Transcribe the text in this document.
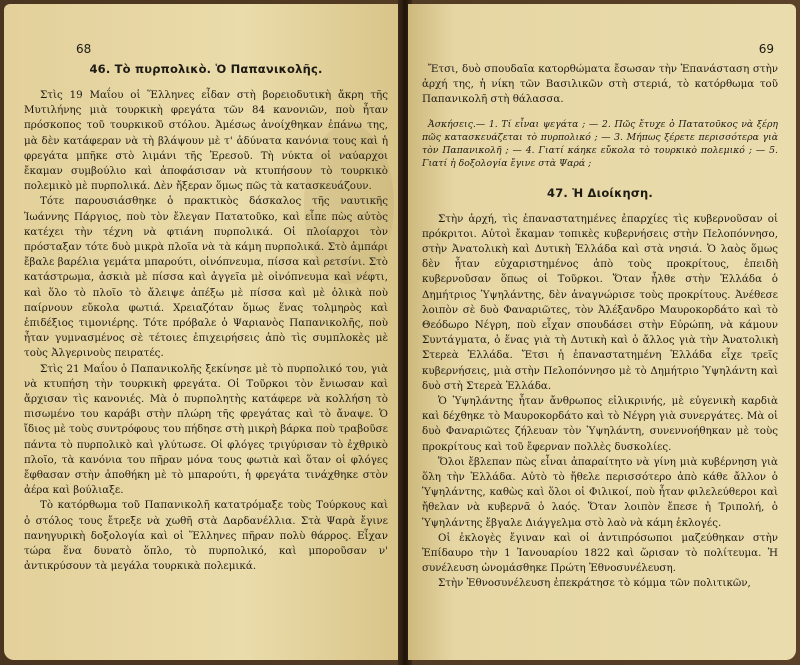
68
46. Τὸ πυρπολικὸ. Ὁ Παπανικολῆς.

Στὶς 19 Μαΐου οἱ Ἕλληνες εἶδαν στὴ βορειοδυτικὴ ἄκρη τῆς Μυτιλήνης μιὰ τουρκικὴ φρεγάτα τῶν 84 κανονιῶν, ποὺ ἦταν πρόσκοπος τοῦ τουρκικοῦ στόλου. Ἀμέσως ἀνοίχθηκαν ἐπάνω της, μὰ δὲν κατάφεραν νὰ τὴ βλάψουν μὲ τ' ἀδύνατα κανόνια τους καὶ ἡ φρεγάτα μπῆκε στὸ λιμάνι τῆς Ἐρεσοῦ. Τὴ νύκτα οἱ ναύαρχοι ἔκαμαν συμβούλιο καὶ ἀποφάσισαν νὰ κτυπήσουν τὸ τουρκικὸ πολεμικὸ μὲ πυρπολικά. Δὲν ἤξεραν ὅμως πῶς τὰ κατασκευάζουν.

Τότε παρουσιάσθηκε ὁ πρακτικὸς δάσκαλος τῆς ναυτικῆς Ἰωάννης Πάργιος, ποὺ τὸν ἔλεγαν Πατατοῦκο, καὶ εἶπε πὼς αὐτὸς κατέχει τὴν τέχνη νὰ φτιάνη πυρπολικά. Οἱ πλοίαρχοι τὸν πρόσταξαν τότε δυὸ μικρὰ πλοῖα νὰ τὰ κάμη πυρπολικά. Στὸ ἀμπάρι ἔβαλε βαρέλια γεμάτα μπαρούτι, οἰνόπνευμα, πίσσα καὶ ρετσίνι. Στὸ κατάστρωμα, ἀσκιὰ μὲ πίσσα καὶ ἀγγεῖα μὲ οἰνόπνευμα καὶ νέφτι, καὶ ὅλο τὸ πλοῖο τὸ ἄλειψε ἀπέξω μὲ πίσσα καὶ μὲ ὁλικὰ ποὺ παίρνουν εὔκολα φωτιά. Χρειαζόταν ὅμως ἕνας τολμηρὸς καὶ ἐπιδέξιος τιμονιέρης. Τότε πρόβαλε ὁ Ψαριανὸς Παπανικολῆς, ποὺ ἦταν γυμνασμένος σὲ τέτοιες ἐπιχειρήσεις ἀπὸ τὶς συμπλοκὲς μὲ τοὺς Ἀλγερινοὺς πειρατές.

Στὶς 21 Μαΐου ὁ Παπανικολῆς ξεκίνησε μὲ τὸ πυρπολικό του, γιὰ νὰ κτυπήση τὴν τουρκικὴ φρεγάτα. Οἱ Τοῦρκοι τὸν ἔνιωσαν καὶ ἄρχισαν τὶς κανονιές. Μὰ ὁ πυρπολητὴς κατάφερε νὰ κολλήση τὸ πισωμένο του καράβι στὴν πλώρη τῆς φρεγάτας καὶ τὸ ἄναψε. Ὁ ἴδιος μὲ τοὺς συντρόφους του πήδησε στὴ μικρὴ βάρκα ποὺ τραβοῦσε πάντα τὸ πυρπολικὸ καὶ γλύτωσε. Οἱ φλόγες τριγύρισαν τὸ ἐχθρικὸ πλοῖο, τὰ κανόνια του πῆραν μόνα τους φωτιὰ καὶ ὅταν οἱ φλόγες ἔφθασαν στὴν ἀποθήκη μὲ τὸ μπαρούτι, ἡ φρεγάτα τινάχθηκε στὸν ἀέρα καὶ βούλιαξε.

Τὸ κατόρθωμα τοῦ Παπανικολῆ κατατρόμαξε τοὺς Τούρκους καὶ ὁ στόλος τους ἔτρεξε νὰ χωθῆ στὰ Δαρδανέλλια. Στὰ Ψαρὰ ἔγινε πανηγυρικὴ δοξολογία καὶ οἱ Ἕλληνες πῆραν πολὺ θάρρος. Εἶχαν τώρα ἕνα δυνατὸ ὅπλο, τὸ πυρπολικό, καὶ μποροῦσαν ν' ἀντικρύσουν τὰ μεγάλα τουρκικὰ πολεμικά.

69

Ἔτσι, δυὸ σπουδαῖα κατορθώματα ἔσωσαν τὴν Ἐπανάσταση στὴν ἀρχή της, ἡ νίκη τῶν Βασιλικῶν στὴ στεριά, τὸ κατόρθωμα τοῦ Παπανικολῆ στὴ θάλασσα.

Ἀσκήσεις.— 1. Τί εἶναι ψεγάτα ; — 2. Πῶς ἔτυχε ὁ Πατατοῦκος νὰ ξέρη πῶς κατασκευάζεται τὸ πυρπολικό ; — 3. Μήπως ξέρετε περισσότερα γιὰ τὸν Παπανικολῆ ; — 4. Γιατί κάηκε εὔκολα τὸ τουρκικὸ πολεμικό ; — 5. Γιατί ἡ δοξολογία ἔγινε στὰ Ψαρά ;

47. Ἡ Διοίκηση.

Στὴν ἀρχή, τὶς ἐπαναστατημένες ἐπαρχίες τὶς κυβερνοῦσαν οἱ πρόκριτοι. Αὐτοὶ ἔκαμαν τοπικὲς κυβερνήσεις στὴν Πελοπόννησο, στὴν Ἀνατολικὴ καὶ Δυτικὴ Ἑλλάδα καὶ στὰ νησιά. Ὁ λαὸς ὅμως δὲν ἦταν εὐχαριστημένος ἀπὸ τοὺς προκρίτους, ἐπειδὴ κυβερνοῦσαν ὅπως οἱ Τοῦρκοι. Ὅταν ἦλθε στὴν Ἑλλάδα ὁ Δημήτριος Ὑψηλάντης, δὲν ἀναγνώρισε τοὺς προκρίτους. Ἀνέθεσε λοιπὸν σὲ δυὸ Φαναριῶτες, τὸν Ἀλέξανδρο Μαυροκορδάτο καὶ τὸ Θεόδωρο Νέγρη, ποὺ εἶχαν σπουδάσει στὴν Εὐρώπη, νὰ κάμουν Συντάγματα, ὁ ἕνας γιὰ τὴ Δυτικὴ καὶ ὁ ἄλλος γιὰ τὴν Ἀνατολικὴ Στερεὰ Ἑλλάδα. Ἔτσι ἡ ἐπαναστατημένη Ἑλλάδα εἶχε τρεῖς κυβερνήσεις, μιὰ στὴν Πελοπόννησο μὲ τὸ Δημήτριο Ὑψηλάντη καὶ δυὸ στὴ Στερεὰ Ἑλλάδα.

Ὁ Ὑψηλάντης ἦταν ἄνθρωπος εἰλικρινής, μὲ εὐγενικὴ καρδιὰ καὶ δέχθηκε τὸ Μαυροκορδάτο καὶ τὸ Νέγρη γιὰ συνεργάτες. Μὰ οἱ δυὸ Φαναριῶτες ζήλευαν τὸν Ὑψηλάντη, συνεννοήθηκαν μὲ τοὺς προκρίτους καὶ τοῦ ἔφερναν πολλὲς δυσκολίες.

Ὅλοι ἔβλεπαν πὼς εἶναι ἀπαραίτητο νὰ γίνη μιὰ κυβέρνηση γιὰ ὅλη τὴν Ἑλλάδα. Αὐτὸ τὸ ἤθελε περισσότερο ἀπὸ κάθε ἄλλον ὁ Ὑψηλάντης, καθὼς καὶ ὅλοι οἱ Φιλικοί, ποὺ ἦταν φιλελεύθεροι καὶ ἤθελαν νὰ κυβερνᾶ ὁ λαός. Ὅταν λοιπὸν ἔπεσε ἡ Τριπολή, ὁ Ὑψηλάντης ἔβγαλε Διάγγελμα στὸ λαὸ νὰ κάμη ἐκλογές.

Οἱ ἐκλογὲς ἔγιναν καὶ οἱ ἀντιπρόσωποι μαζεύθηκαν στὴν Ἐπίδαυρο τὴν 1 Ἰανουαρίου 1822 καὶ ὥρισαν τὸ πολίτευμα. Ἡ συνέλευση ὠνομάσθηκε Πρώτη Ἐθνοσυνέλευση.

Στὴν Ἐθνοσυνέλευση ἐπεκράτησε τὸ κόμμα τῶν πολιτικῶν,
